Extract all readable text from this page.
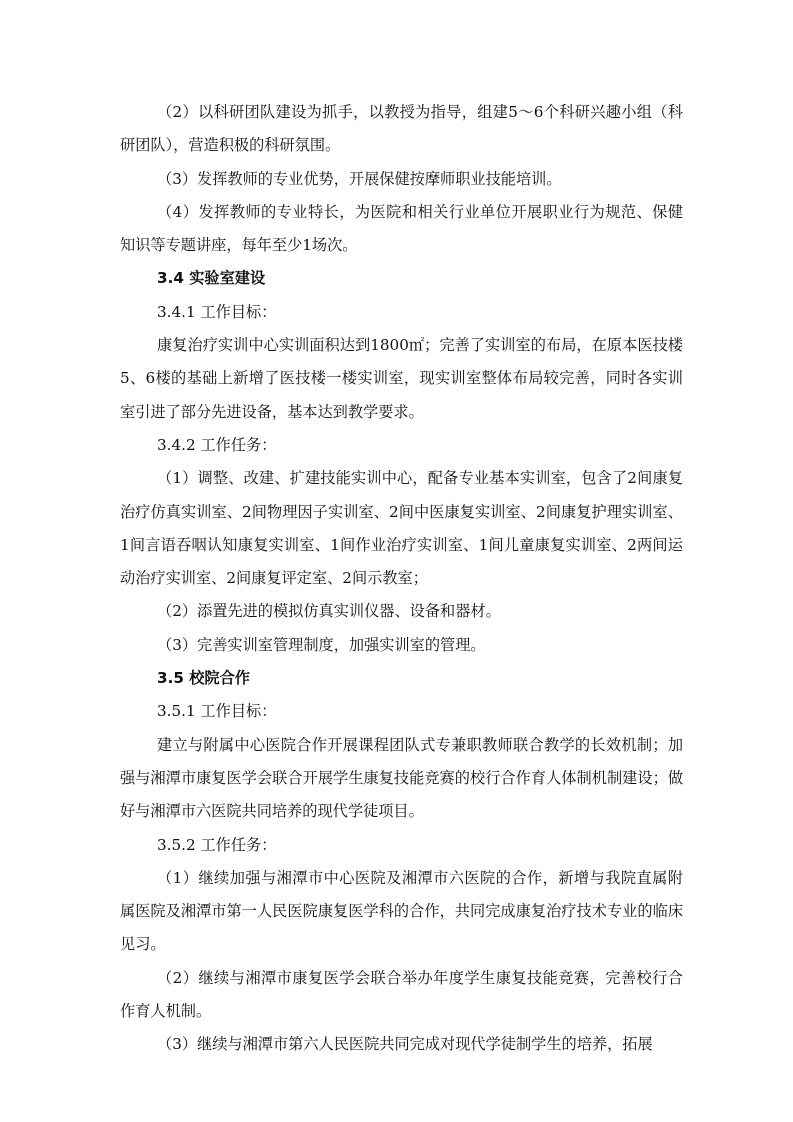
（2）以科研团队建设为抓手，以教授为指导，组建5～6个科研兴趣小组（科研团队），营造积极的科研氛围。

（3）发挥教师的专业优势，开展保健按摩师职业技能培训。

（4）发挥教师的专业特长，为医院和相关行业单位开展职业行为规范、保健知识等专题讲座，每年至少1场次。

3.4 实验室建设

3.4.1 工作目标：

康复治疗实训中心实训面积达到1800㎡；完善了实训室的布局，在原本医技楼5、6楼的基础上新增了医技楼一楼实训室，现实训室整体布局较完善，同时各实训室引进了部分先进设备，基本达到教学要求。

3.4.2 工作任务：

（1）调整、改建、扩建技能实训中心，配备专业基本实训室，包含了2间康复治疗仿真实训室、2间物理因子实训室、2间中医康复实训室、2间康复护理实训室、1间言语吞咽认知康复实训室、1间作业治疗实训室、1间儿童康复实训室、2两间运动治疗实训室、2间康复评定室、2间示教室；

（2）添置先进的模拟仿真实训仪器、设备和器材。

（3）完善实训室管理制度，加强实训室的管理。

3.5 校院合作

3.5.1 工作目标：

建立与附属中心医院合作开展课程团队式专兼职教师联合教学的长效机制；加强与湘潭市康复医学会联合开展学生康复技能竞赛的校行合作育人体制机制建设；做好与湘潭市六医院共同培养的现代学徒项目。

3.5.2 工作任务：

（1）继续加强与湘潭市中心医院及湘潭市六医院的合作，新增与我院直属附属医院及湘潭市第一人民医院康复医学科的合作，共同完成康复治疗技术专业的临床见习。

（2）继续与湘潭市康复医学会联合举办年度学生康复技能竞赛，完善校行合作育人机制。

（3）继续与湘潭市第六人民医院共同完成对现代学徒制学生的培养，拓展
